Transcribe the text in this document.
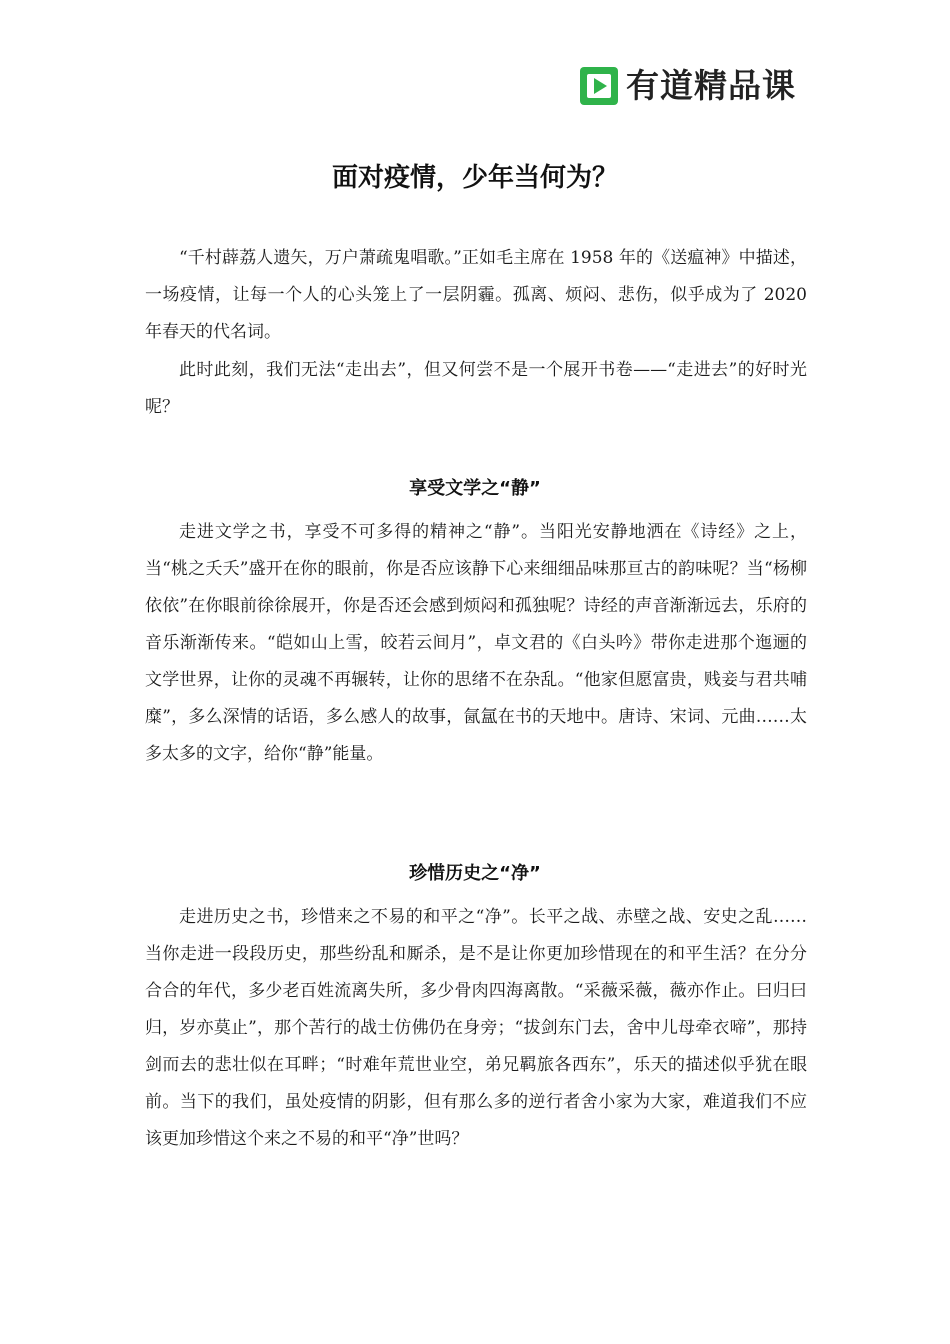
有道精品课
面对疫情，少年当何为？

“千村薜荔人遗矢，万户萧疏鬼唱歌。”正如毛主席在 1958 年的《送瘟神》中描述，一场疫情，让每一个人的心头笼上了一层阴霾。孤离、烦闷、悲伤，似乎成为了 2020 年春天的代名词。

此时此刻，我们无法“走出去”，但又何尝不是一个展开书卷——“走进去”的好时光呢？

享受文学之“静”

走进文学之书，享受不可多得的精神之“静”。当阳光安静地洒在《诗经》之上，当“桃之夭夭”盛开在你的眼前，你是否应该静下心来细细品味那亘古的韵味呢？当“杨柳依依”在你眼前徐徐展开，你是否还会感到烦闷和孤独呢？诗经的声音渐渐远去，乐府的音乐渐渐传来。“皑如山上雪，皎若云间月”，卓文君的《白头吟》带你走进那个迤逦的文学世界，让你的灵魂不再辗转，让你的思绪不在杂乱。“他家但愿富贵，贱妾与君共哺糜”，多么深情的话语，多么感人的故事，氤氲在书的天地中。唐诗、宋词、元曲……太多太多的文字，给你“静”能量。

珍惜历史之“净”

走进历史之书，珍惜来之不易的和平之“净”。长平之战、赤壁之战、安史之乱……当你走进一段段历史，那些纷乱和厮杀，是不是让你更加珍惜现在的和平生活？在分分合合的年代，多少老百姓流离失所，多少骨肉四海离散。“采薇采薇，薇亦作止。曰归曰归，岁亦莫止”，那个苦行的战士仿佛仍在身旁；“拔剑东门去，舍中儿母牵衣啼”，那持剑而去的悲壮似在耳畔；“时难年荒世业空，弟兄羁旅各西东”，乐天的描述似乎犹在眼前。当下的我们，虽处疫情的阴影，但有那么多的逆行者舍小家为大家，难道我们不应该更加珍惜这个来之不易的和平“净”世吗？
